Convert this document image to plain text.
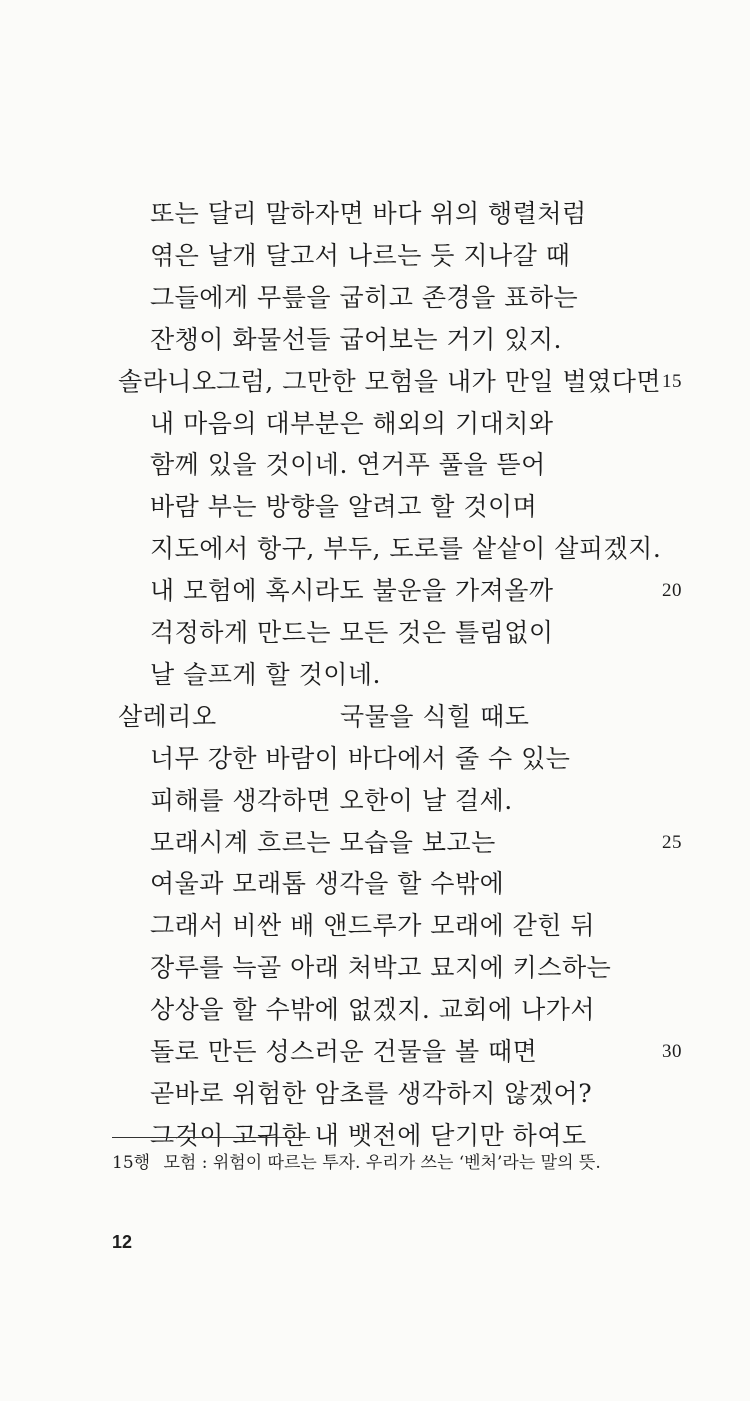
또는 달리 말하자면 바다 위의 행렬처럼
엮은 날개 달고서 나르는 듯 지나갈 때
그들에게 무릎을 굽히고 존경을 표하는
잔챙이 화물선들 굽어보는 거기 있지.
솔라니오 그럼, 그만한 모험을 내가 만일 벌였다면 15
내 마음의 대부분은 해외의 기대치와
함께 있을 것이네. 연거푸 풀을 뜯어
바람 부는 방향을 알려고 할 것이며
지도에서 항구, 부두, 도로를 샅샅이 살피겠지.
내 모험에 혹시라도 불운을 가져올까	20
걱정하게 만드는 모든 것은 틀림없이
날 슬프게 할 것이네.
살레리오	국물을 식힐 때도
너무 강한 바람이 바다에서 줄 수 있는
피해를 생각하면 오한이 날 걸세.
모래시계 흐르는 모습을 보고는	25
여울과 모래톱 생각을 할 수밖에
그래서 비싼 배 앤드루가 모래에 갇힌 뒤
장루를 늑골 아래 처박고 묘지에 키스하는
상상을 할 수밖에 없겠지. 교회에 나가서
돌로 만든 성스러운 건물을 볼 때면	30
곧바로 위험한 암초를 생각하지 않겠어?
그것이 고귀한 내 뱃전에 닫기만 하여도
15행 모험 : 위험이 따르는 투자. 우리가 쓰는 ‘벤처’라는 말의 뜻.
12
